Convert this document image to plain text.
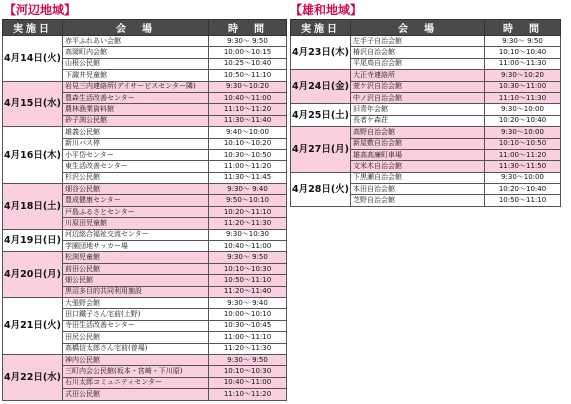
【河辺地域】
実施日	会　場	時　間
4月14日(火)	赤平ふれあい会館	9:30～ 9:50
	高岡町内会館	10:00～10:15
	山根公民館	10:25～10:40
	下諏井児童館	10:50～11:10
4月15日(水)	岩見三内連絡所(デイサービスセンター隣)	9:30～10:20
	豊森生活改善センター	10:40～11:00
	農林漁業資料館	11:10～11:20
	砂子渕公民館	11:30～11:40
4月16日(木)	雄義公民館	9:40～10:00
	新川バス停	10:10～10:20
	小平岱センター	10:30～10:50
	東生活改善センター	11:00～11:20
	杉沢公民館	11:30～11:45
4月18日(土)	畑谷公民館	9:30～ 9:40
	豊成健康センター	9:50～10:10
	戸島ふるさとセンター	10:20～11:10
	川原田児童館	11:20～11:30
4月19日(日)	河辺総合福祉交流センター	9:30～10:30
	学園団地サッカー場	10:40～11:00
4月20日(月)	松渕児童館	9:30～ 9:50
	前田公民館	10:10～10:30
	畑公民館	10:50～11:10
	黒沼多目的共同利用施設	11:20～11:40
4月21日(火)	大張野会館	9:30～ 9:40
	田口鐵子さん宅前(上野)	10:00～10:10
	寺田生活改善センター	10:30～10:45
	田尻公民館	11:00～11:10
	高橋信太郎さん宅前(曽場)	11:20～11:30
4月22日(水)	神内公民館	9:30～ 9:50
	三町内会公民館(坂本・宮崎・下川原)	10:10～10:30
	石川太郎コミュニティセンター	10:40～11:00
	式田公民館	11:10～11:20
【雄和地域】
実施日	会　場	時　間
4月23日(木)	左手子自治会館	9:30～ 9:50
	椿沢自治会館	10:10～10:40
	平尾鳥自治会館	11:00～11:30
4月24日(金)	大正寺連絡所	9:30～10:20
	萱ケ沢自治会館	10:30～11:00
	中ノ沢自治会館	11:10～11:30
4月25日(土)	旧青年会館	9:30～10:00
	長者ケ森荘	10:20～10:40
4月27日(月)	高野自治会館	9:30～10:00
	新屋敷自治会館	10:10～10:50
	雄高高廉町車場	11:00～11:20
	文米木自治会館	11:30～11:50
4月28日(火)	下黒瀬自治会館	9:30～10:00
	本田自治会館	10:20～10:40
	芝野自治会館	10:50～11:10
